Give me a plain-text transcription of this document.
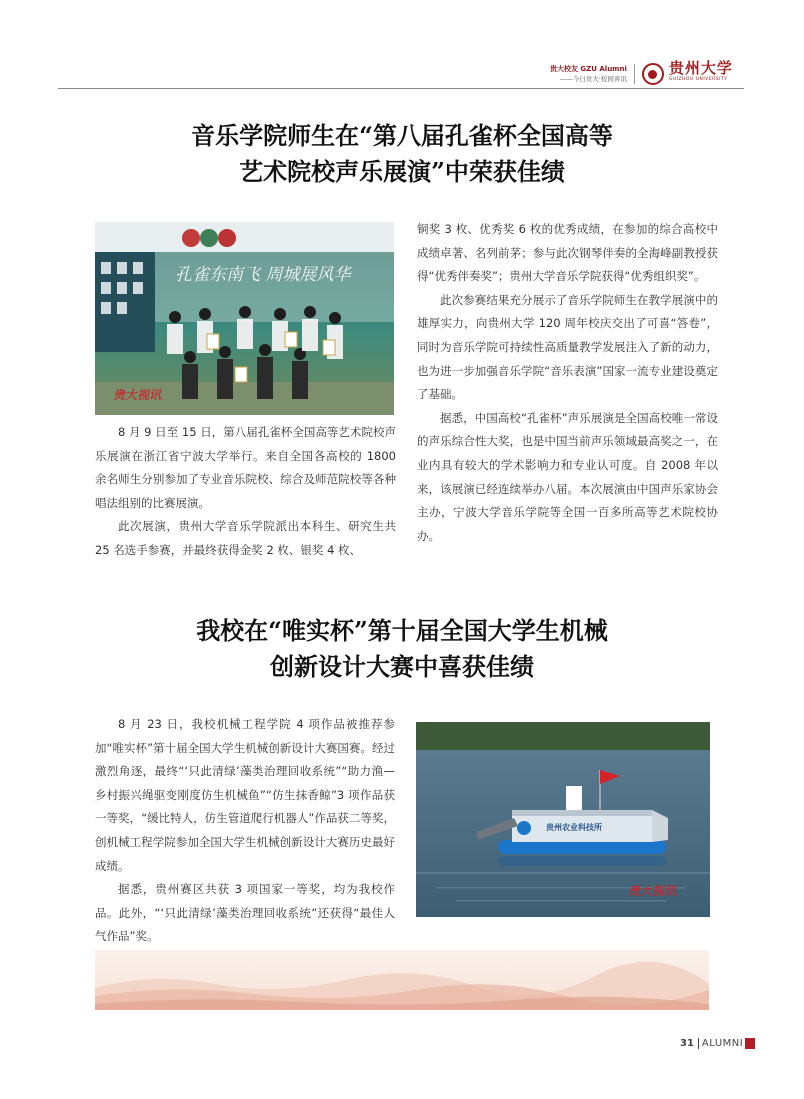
贵大校友 GZU Alumni
——今日贵大·校园喜讯
贵州大学
GUIZHOU UNIVERSITY
音乐学院师生在“第八届孔雀杯全国高等
艺术院校声乐展演”中荣获佳绩
孔雀东南飞 周城展风华
贵大视讯

8 月 9 日至 15 日，第八届孔雀杯全国高等艺术院校声乐展演在浙江省宁波大学举行。来自全国各高校的 1800 余名师生分别参加了专业音乐院校、综合及师范院校等各种唱法组别的比赛展演。

此次展演，贵州大学音乐学院派出本科生、研究生共 25 名选手参赛，并最终获得金奖 2 枚、银奖 4 枚、

铜奖 3 枚、优秀奖 6 枚的优秀成绩，在参加的综合高校中成绩卓著、名列前茅；参与此次钢琴伴奏的全海峰副教授获得“优秀伴奏奖”；贵州大学音乐学院获得“优秀组织奖”。

此次参赛结果充分展示了音乐学院师生在教学展演中的雄厚实力，向贵州大学 120 周年校庆交出了可喜“答卷”，同时为音乐学院可持续性高质量教学发展注入了新的动力，也为进一步加强音乐学院“音乐表演”国家一流专业建设奠定了基础。

据悉，中国高校“孔雀杯”声乐展演是全国高校唯一常设的声乐综合性大奖，也是中国当前声乐领域最高奖之一，在业内具有较大的学术影响力和专业认可度。自 2008 年以来，该展演已经连续举办八届。本次展演由中国声乐家协会主办，宁波大学音乐学院等全国一百多所高等艺术院校协办。

我校在“唯实杯”第十届全国大学生机械
创新设计大赛中喜获佳绩

8 月 23 日，我校机械工程学院 4 项作品被推荐参加“唯实杯”第十届全国大学生机械创新设计大赛国赛。经过激烈角逐，最终“‘只此清绿’藻类治理回收系统”“助力渔—乡村振兴绳驱变刚度仿生机械鱼”“仿生抹香鲸”3 项作品获一等奖，“缓比特人，仿生管道爬行机器人”作品获二等奖，创机械工程学院参加全国大学生机械创新设计大赛历史最好成绩。

据悉，贵州赛区共获 3 项国家一等奖，均为我校作品。此外，“‘只此清绿’藻类治理回收系统”还获得“最佳人气作品”奖。

贵州农业科技所
贵大视讯
31 ALUMNI
